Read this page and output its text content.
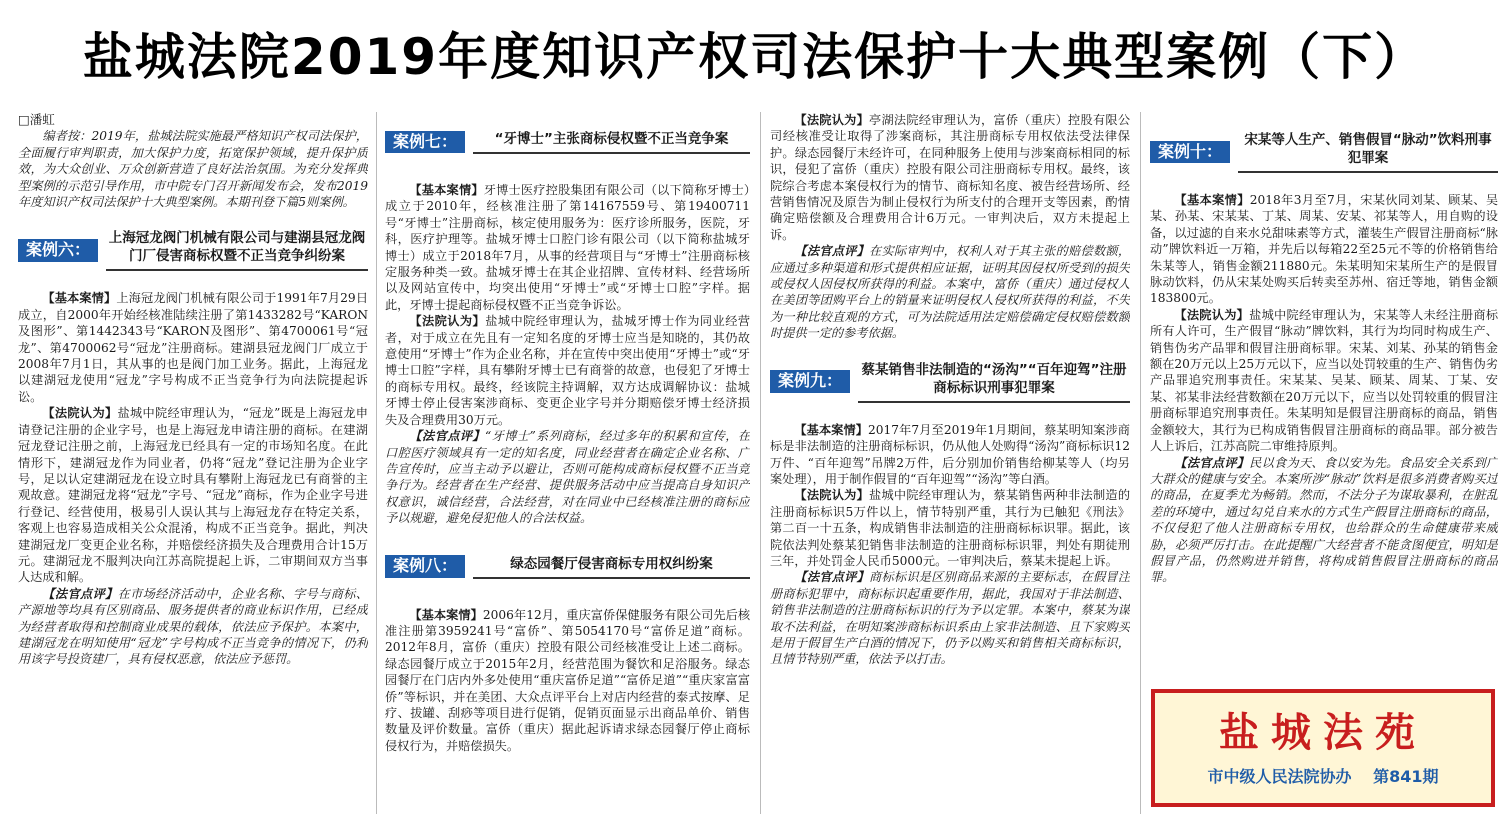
盐城法院2019年度知识产权司法保护十大典型案例（下）

□潘虹

编者按：2019年，盐城法院实施最严格知识产权司法保护，全面履行审判职责，加大保护力度，拓宽保护领域，提升保护质效，为大众创业、万众创新营造了良好法治氛围。为充分发挥典型案例的示范引导作用，市中院专门召开新闻发布会，发布2019年度知识产权司法保护十大典型案例。本期刊登下篇5则案例。

案例六：
上海冠龙阀门机械有限公司与建湖县冠龙阀门厂侵害商标权暨不正当竞争纠纷案

【基本案情】上海冠龙阀门机械有限公司于1991年7月29日成立，自2000年开始经核准陆续注册了第1433282号“KARON及图形”、第1442343号“KARON及图形”、第4700061号“冠龙”、第4700062号“冠龙”注册商标。建湖县冠龙阀门厂成立于2008年7月1日，其从事的也是阀门加工业务。据此，上海冠龙以建湖冠龙使用“冠龙”字号构成不正当竞争行为向法院提起诉讼。

【法院认为】盐城中院经审理认为，“冠龙”既是上海冠龙申请登记注册的企业字号，也是上海冠龙申请注册的商标。在建湖冠龙登记注册之前，上海冠龙已经具有一定的市场知名度。在此情形下，建湖冠龙作为同业者，仍将“冠龙”登记注册为企业字号，足以认定建湖冠龙在设立时具有攀附上海冠龙已有商誉的主观故意。建湖冠龙将“冠龙”字号、“冠龙”商标，作为企业字号进行登记、经营使用，极易引人误认其与上海冠龙存在特定关系，客观上也容易造成相关公众混淆，构成不正当竞争。据此，判决建湖冠龙厂变更企业名称，并赔偿经济损失及合理费用合计15万元。建湖冠龙不服判决向江苏高院提起上诉，二审期间双方当事人达成和解。

【法官点评】在市场经济活动中，企业名称、字号与商标、产源地等均具有区别商品、服务提供者的商业标识作用，已经成为经营者取得和控制商业成果的载体，依法应予保护。本案中，建湖冠龙在明知使用“冠龙”字号构成不正当竞争的情况下，仍利用该字号投资建厂，具有侵权恶意，依法应予惩罚。

案例七：	“牙博士”主张商标侵权暨不正当竞争案

【基本案情】牙博士医疗控股集团有限公司（以下简称牙博士）成立于2010年，经核准注册了第14167559号、第19400711号“牙博士”注册商标，核定使用服务为：医疗诊所服务，医院，牙科，医疗护理等。盐城牙博士口腔门诊有限公司（以下简称盐城牙博士）成立于2018年7月，从事的经营项目与“牙博士”注册商标核定服务种类一致。盐城牙博士在其企业招牌、宣传材料、经营场所以及网站宣传中，均突出使用“牙博士”或“牙博士口腔”字样。据此，牙博士提起商标侵权暨不正当竞争诉讼。

【法院认为】盐城中院经审理认为，盐城牙博士作为同业经营者，对于成立在先且有一定知名度的牙博士应当是知晓的，其仍故意使用“牙博士”作为企业名称，并在宣传中突出使用“牙博士”或“牙博士口腔”字样，具有攀附牙博士已有商誉的故意，也侵犯了牙博士的商标专用权。最终，经该院主持调解，双方达成调解协议：盐城牙博士停止侵害案涉商标、变更企业字号并分期赔偿牙博士经济损失及合理费用30万元。

【法官点评】“牙博士”系列商标，经过多年的积累和宣传，在口腔医疗领域具有一定的知名度，同业经营者在确定企业名称、广告宣传时，应当主动予以避让，否则可能构成商标侵权暨不正当竞争行为。经营者在生产经营、提供服务活动中应当提高自身知识产权意识，诚信经营，合法经营，对在同业中已经核准注册的商标应予以规避，避免侵犯他人的合法权益。

案例八：	绿态园餐厅侵害商标专用权纠纷案

【基本案情】2006年12月，重庆富侨保健服务有限公司先后核准注册第3959241号“富侨”、第5054170号“富侨足道”商标。2012年8月，富侨（重庆）控股有限公司经核准受让上述二商标。绿态园餐厅成立于2015年2月，经营范围为餐饮和足浴服务。绿态园餐厅在门店内外多处使用“重庆富侨足道”“富侨足道”“重庆家富富侨”等标识，并在美团、大众点评平台上对店内经营的泰式按摩、足疗、拔罐、刮痧等项目进行促销，促销页面显示出商品单价、销售数量及评价数量。富侨（重庆）据此起诉请求绿态园餐厅停止商标侵权行为，并赔偿损失。

【法院认为】亭湖法院经审理认为，富侨（重庆）控股有限公司经核准受让取得了涉案商标，其注册商标专用权依法受法律保护。绿态园餐厅未经许可，在同种服务上使用与涉案商标相同的标识，侵犯了富侨（重庆）控股有限公司注册商标专用权。最终，该院综合考虑本案侵权行为的情节、商标知名度、被告经营场所、经营销售情况及原告为制止侵权行为所支付的合理开支等因素，酌情确定赔偿额及合理费用合计6万元。一审判决后，双方未提起上诉。

【法官点评】在实际审判中，权利人对于其主张的赔偿数额，应通过多种渠道和形式提供相应证据，证明其因侵权所受到的损失或侵权人因侵权所获得的利益。本案中，富侨（重庆）通过侵权人在美团等团购平台上的销量来证明侵权人侵权所获得的利益，不失为一种比较直观的方式，可为法院适用法定赔偿确定侵权赔偿数额时提供一定的参考依据。

案例九：
蔡某销售非法制造的“汤沟”“百年迎驾”注册商标标识刑事犯罪案

【基本案情】2017年7月至2019年1月期间，蔡某明知案涉商标是非法制造的注册商标标识，仍从他人处购得“汤沟”商标标识12万件、“百年迎驾”吊牌2万件，后分别加价销售给柳某等人（均另案处理），用于制作假冒的“百年迎驾”“汤沟”等白酒。

【法院认为】盐城中院经审理认为，蔡某销售两种非法制造的注册商标标识5万件以上，情节特别严重，其行为已触犯《刑法》第二百一十五条，构成销售非法制造的注册商标标识罪。据此，该院依法判处蔡某犯销售非法制造的注册商标标识罪，判处有期徒刑三年，并处罚金人民币5000元。一审判决后，蔡某未提起上诉。

【法官点评】商标标识是区别商品来源的主要标志，在假冒注册商标犯罪中，商标标识起重要作用，据此，我国对于非法制造、销售非法制造的注册商标标识的行为予以定罪。本案中，蔡某为谋取不法利益，在明知案涉商标标识系由上家非法制造、且下家购买是用于假冒生产白酒的情况下，仍予以购买和销售相关商标标识，且情节特别严重，依法予以打击。

案例十：
宋某等人生产、销售假冒“脉动”饮料刑事犯罪案

【基本案情】2018年3月至7月，宋某伙同刘某、顾某、吴某、孙某、宋某某、丁某、周某、安某、祁某等人，用自购的设备，以过滤的自来水兑甜味素等方式，灌装生产假冒注册商标“脉动”牌饮料近一万箱，并先后以每箱22至25元不等的价格销售给朱某等人，销售金额211880元。朱某明知宋某所生产的是假冒脉动饮料，仍从宋某处购买后转卖至苏州、宿迁等地，销售金额183800元。

【法院认为】盐城中院经审理认为，宋某等人未经注册商标所有人许可，生产假冒“脉动”牌饮料，其行为均同时构成生产、销售伪劣产品罪和假冒注册商标罪。宋某、刘某、孙某的销售金额在20万元以上25万元以下，应当以处罚较重的生产、销售伪劣产品罪追究刑事责任。宋某某、吴某、顾某、周某、丁某、安某、祁某非法经营数额在20万元以下，应当以处罚较重的假冒注册商标罪追究刑事责任。朱某明知是假冒注册商标的商品，销售金额较大，其行为已构成销售假冒注册商标的商品罪。部分被告人上诉后，江苏高院二审维持原判。

【法官点评】民以食为天、食以安为先。食品安全关系到广大群众的健康与安全。本案所涉“脉动”饮料是很多消费者购买过的商品，在夏季尤为畅销。然而，不法分子为谋取暴利，在脏乱差的环境中，通过勾兑自来水的方式生产假冒注册商标的商品，不仅侵犯了他人注册商标专用权，也给群众的生命健康带来威胁，必须严厉打击。在此提醒广大经营者不能贪图便宜，明知是假冒产品，仍然购进并销售，将构成销售假冒注册商标的商品罪。

盐城法苑
市中级人民法院协办 第841期
